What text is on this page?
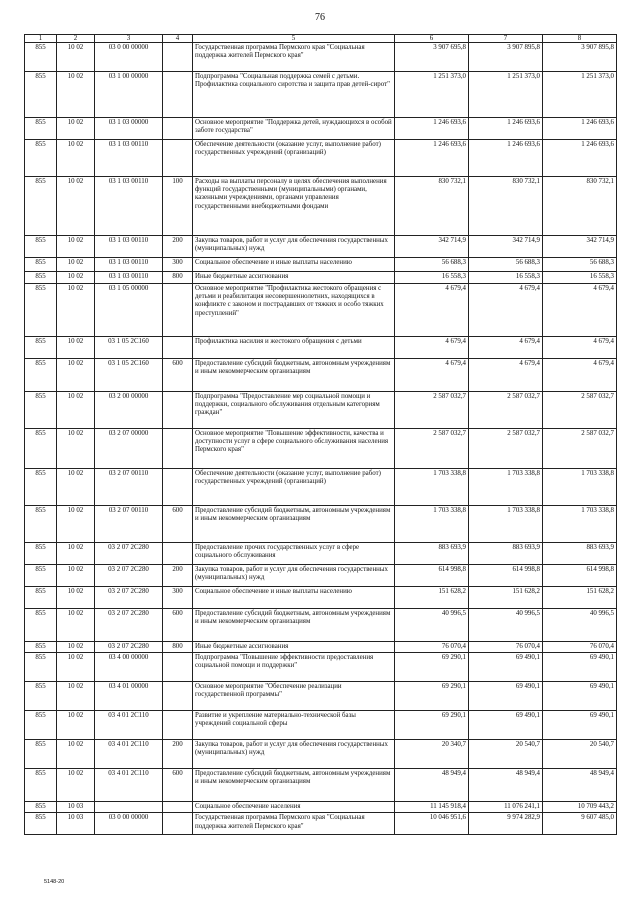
76
1	2	3	4	5	6	7	8
855	10 02	03 0 00 00000		Государственная программа Пермского края "Социальная поддержка жителей Пермского края"	3 907 695,8	3 907 895,8	3 907 895,8
855	10 02	03 1 00 00000		Подпрограмма "Социальная поддержка семей с детьми. Профилактика социального сиротства и защита прав детей-сирот"	1 251 373,0	1 251 373,0	1 251 373,0
855	10 02	03 1 03 00000		Основное мероприятие "Поддержка детей, нуждающихся в особой заботе государства"	1 246 693,6	1 246 693,6	1 246 693,6
855	10 02	03 1 03 00110		Обеспечение деятельности (оказание услуг, выполнение работ) государственных учреждений (организаций)	1 246 693,6	1 246 693,6	1 246 693,6
855	10 02	03 1 03 00110	100	Расходы на выплаты персоналу в целях обеспечения выполнения функций государственными (муниципальными) органами, казенными учреждениями, органами управления государственными внебюджетными фондами	830 732,1	830 732,1	830 732,1
855	10 02	03 1 03 00110	200	Закупка товаров, работ и услуг для обеспечения государственных (муниципальных) нужд	342 714,9	342 714,9	342 714,9
855	10 02	03 1 03 00110	300	Социальное обеспечение и иные выплаты населению	56 688,3	56 688,3	56 688,3
855	10 02	03 1 03 00110	800	Иные бюджетные ассигнования	16 558,3	16 558,3	16 558,3
855	10 02	03 1 05 00000		Основное мероприятие "Профилактика жестокого обращения с детьми и реабилитация несовершеннолетних, находящихся в конфликте с законом и пострадавших от тяжких и особо тяжких преступлений"	4 679,4	4 679,4	4 679,4
855	10 02	03 1 05 2С160		Профилактика насилия и жестокого обращения с детьми	4 679,4	4 679,4	4 679,4
855	10 02	03 1 05 2С160	600	Предоставление субсидий бюджетным, автономным учреждениям и иным некоммерческим организациям	4 679,4	4 679,4	4 679,4
855	10 02	03 2 00 00000		Подпрограмма "Предоставление мер социальной помощи и поддержки, социального обслуживания отдельным категориям граждан"	2 587 032,7	2 587 032,7	2 587 032,7
855	10 02	03 2 07 00000		Основное мероприятие "Повышение эффективности, качества и доступности услуг в сфере социального обслуживания населения Пермского края"	2 587 032,7	2 587 032,7	2 587 032,7
855	10 02	03 2 07 00110		Обеспечение деятельности (оказание услуг, выполнение работ) государственных учреждений (организаций)	1 703 338,8	1 703 338,8	1 703 338,8
855	10 02	03 2 07 00110	600	Предоставление субсидий бюджетным, автономным учреждениям и иным некоммерческим организациям	1 703 338,8	1 703 338,8	1 703 338,8
855	10 02	03 2 07 2С280		Предоставление прочих государственных услуг в сфере социального обслуживания	883 693,9	883 693,9	883 693,9
855	10 02	03 2 07 2С280	200	Закупка товаров, работ и услуг для обеспечения государственных (муниципальных) нужд	614 998,8	614 998,8	614 998,8
855	10 02	03 2 07 2С280	300	Социальное обеспечение и иные выплаты населению	151 628,2	151 628,2	151 628,2
855	10 02	03 2 07 2С280	600	Предоставление субсидий бюджетным, автономным учреждениям и иным некоммерческим организациям	40 996,5	40 996,5	40 996,5
855	10 02	03 2 07 2С280	800	Иные бюджетные ассигнования	76 070,4	76 070,4	76 070,4
855	10 02	03 4 00 00000		Подпрограмма "Повышение эффективности предоставления социальной помощи и поддержки"	69 290,1	69 490,1	69 490,1
855	10 02	03 4 01 00000		Основное мероприятие "Обеспечение реализации государственной программы"	69 290,1	69 490,1	69 490,1
855	10 02	03 4 01 2С110		Развитие и укрепление материально-технической базы учреждений социальной сферы	69 290,1	69 490,1	69 490,1
855	10 02	03 4 01 2С110	200	Закупка товаров, работ и услуг для обеспечения государственных (муниципальных) нужд	20 340,7	20 540,7	20 540,7
855	10 02	03 4 01 2С110	600	Предоставление субсидий бюджетным, автономным учреждениям и иным некоммерческим организациям	48 949,4	48 949,4	48 949,4
855	10 03			Социальное обеспечение населения	11 145 918,4	11 076 241,1	10 709 443,2
855	10 03	03 0 00 00000		Государственная программа Пермского края "Социальная поддержка жителей Пермского края"	10 046 951,6	9 974 282,9	9 607 485,0
5148-20
